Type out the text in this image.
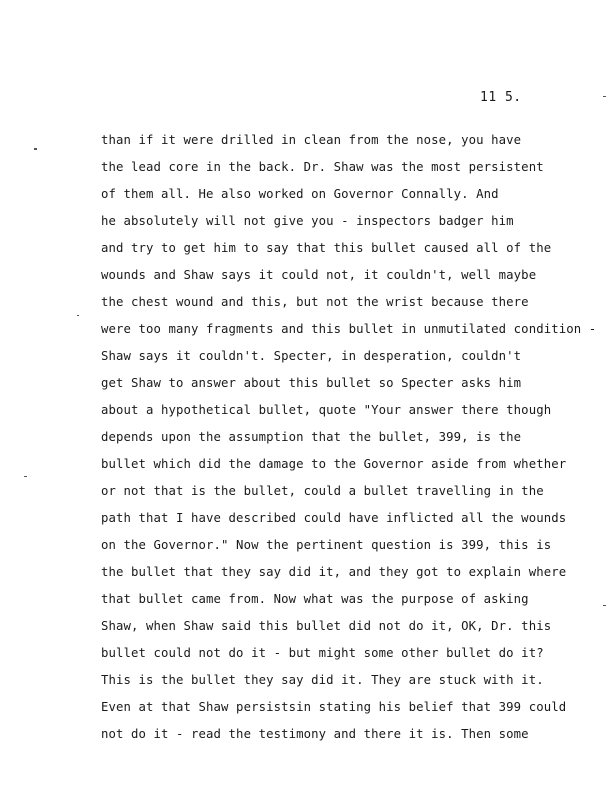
11 5.
than if it were drilled in clean from the nose, you have
the lead core in the back. Dr. Shaw was the most persistent
of them all. He also worked on Governor Connally. And
he absolutely will not give you - inspectors badger him
and try to get him to say that this bullet caused all of the
wounds and Shaw says it could not, it couldn't, well maybe
the chest wound and this, but not the wrist because there
were too many fragments and this bullet in unmutilated condition -
Shaw says it couldn't. Specter, in desperation, couldn't
get Shaw to answer about this bullet so Specter asks him
about a hypothetical bullet, quote "Your answer there though
depends upon the assumption that the bullet, 399, is the
bullet which did the damage to the Governor aside from whether
or not that is the bullet, could a bullet travelling in the
path that I have described could have inflicted all the wounds
on the Governor." Now the pertinent question is 399, this is
the bullet that they say did it, and they got to explain where
that bullet came from. Now what was the purpose of asking
Shaw, when Shaw said this bullet did not do it, OK, Dr. this
bullet could not do it - but might some other bullet do it?
This is the bullet they say did it. They are stuck with it.
Even at that Shaw persistsin stating his belief that 399 could
not do it - read the testimony and there it is. Then some
